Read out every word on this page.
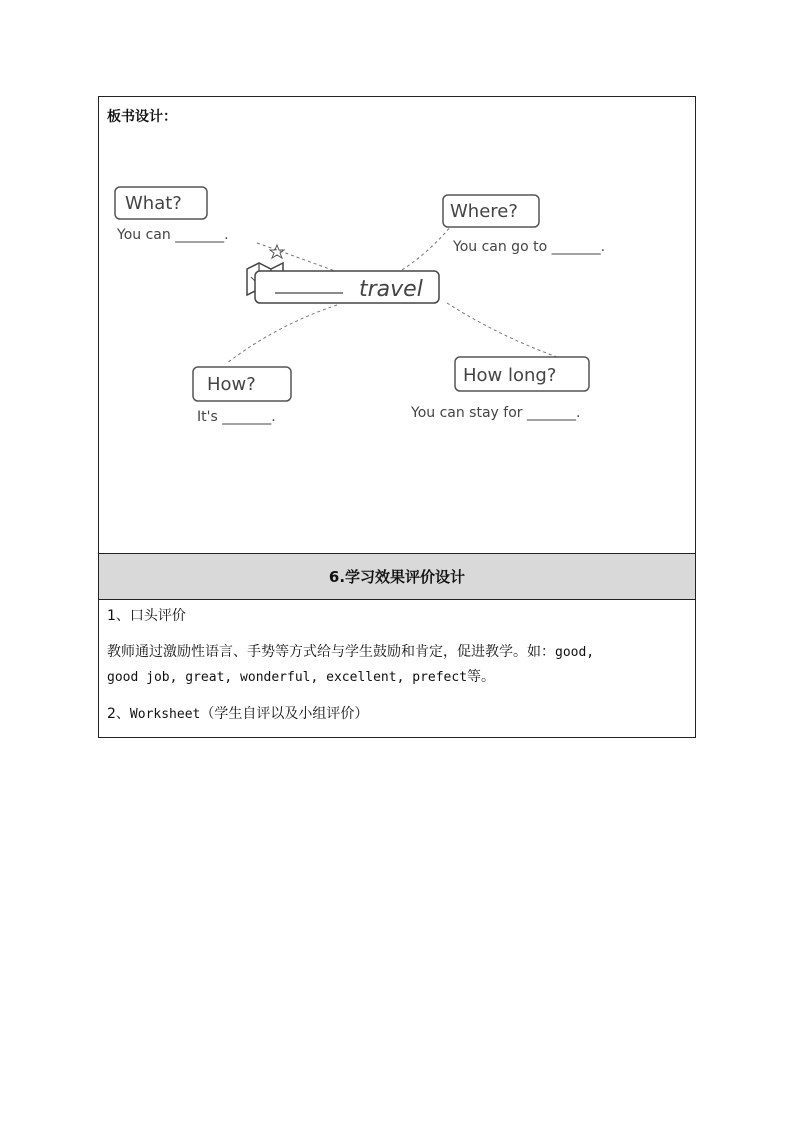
板书设计：
travel
What?
You can _______.
Where?
You can go to _______.
How?
It's _______.
How long?
You can stay for _______.
6.学习效果评价设计

1、口头评价

教师通过激励性语言、手势等方式给与学生鼓励和肯定，促进教学。如：good,
good job, great, wonderful, excellent, prefect等。

2、Worksheet（学生自评以及小组评价）
